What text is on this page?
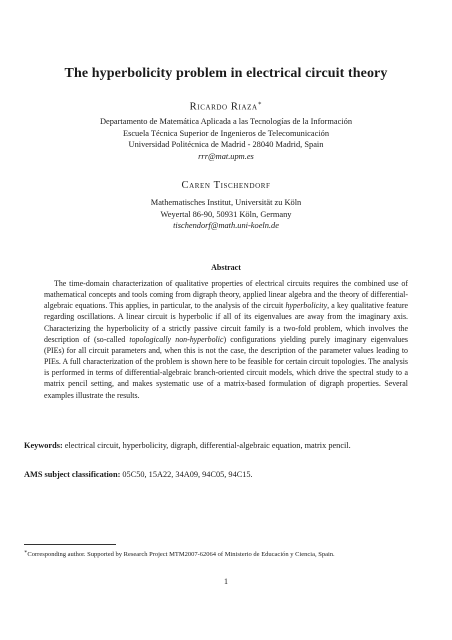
The hyperbolicity problem in electrical circuit theory
Ricardo Riaza∗
Departamento de Matemática Aplicada a las Tecnologías de la Información
Escuela Técnica Superior de Ingenieros de Telecomunicación
Universidad Politécnica de Madrid - 28040 Madrid, Spain
rrr@mat.upm.es
Caren Tischendorf
Mathematisches Institut, Universität zu Köln
Weyertal 86-90, 50931 Köln, Germany
tischendorf@math.uni-koeln.de
Abstract
The time-domain characterization of qualitative properties of electrical circuits requires the combined use of mathematical concepts and tools coming from digraph theory, applied linear algebra and the theory of differential-algebraic equations. This applies, in particular, to the analysis of the circuit hyperbolicity, a key qualitative feature regarding oscillations. A linear circuit is hyperbolic if all of its eigenvalues are away from the imaginary axis. Characterizing the hyperbolicity of a strictly passive circuit family is a two-fold problem, which involves the description of (so-called topologically non-hyperbolic) configurations yielding purely imaginary eigenvalues (PIEs) for all circuit parameters and, when this is not the case, the description of the parameter values leading to PIEs. A full characterization of the problem is shown here to be feasible for certain circuit topologies. The analysis is performed in terms of differential-algebraic branch-oriented circuit models, which drive the spectral study to a matrix pencil setting, and makes systematic use of a matrix-based formulation of digraph properties. Several examples illustrate the results.
Keywords: electrical circuit, hyperbolicity, digraph, differential-algebraic equation, matrix pencil.
AMS subject classification: 05C50, 15A22, 34A09, 94C05, 94C15.
∗Corresponding author. Supported by Research Project MTM2007-62064 of Ministerio de Educación y Ciencia, Spain.
1
